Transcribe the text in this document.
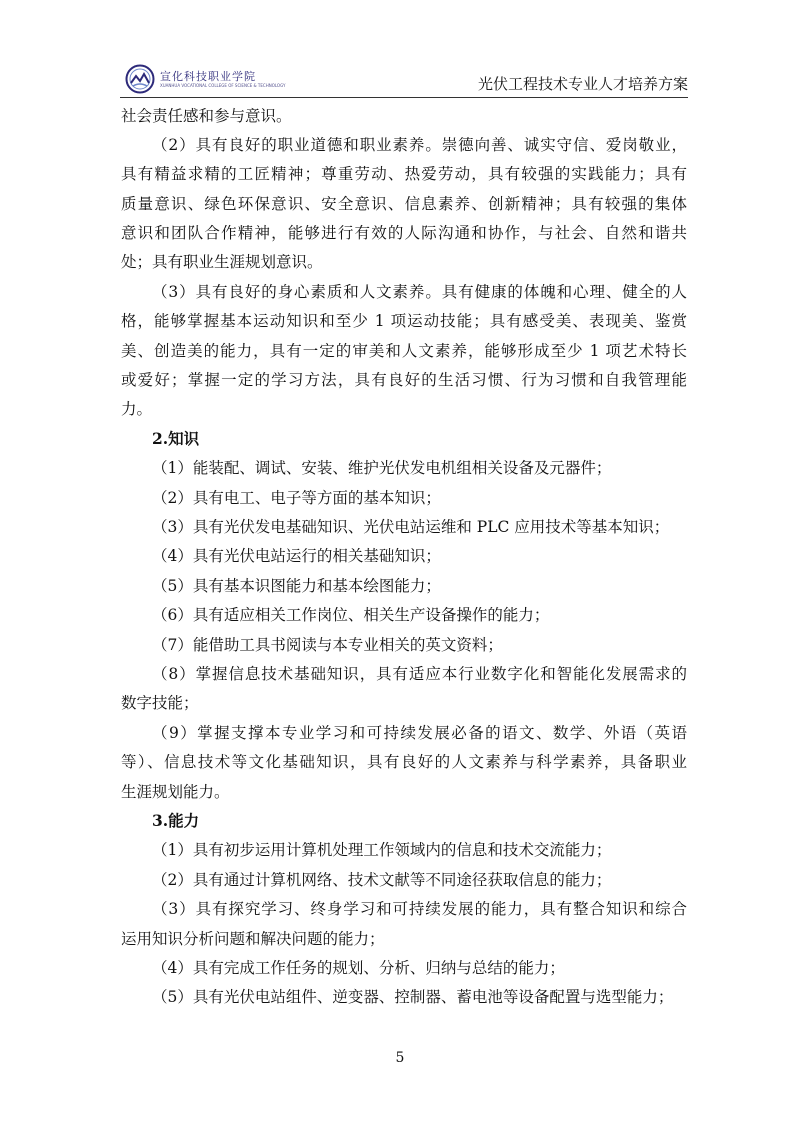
宣化科技职业学院
XUANHUA VOCATIONAL COLLEGE OF SCIENCE & TECHNOLOGY	光伏工程技术专业人才培养方案
社会责任感和参与意识。
（2）具有良好的职业道德和职业素养。崇德向善、诚实守信、爱岗敬业，
具有精益求精的工匠精神；尊重劳动、热爱劳动，具有较强的实践能力；具有
质量意识、绿色环保意识、安全意识、信息素养、创新精神；具有较强的集体
意识和团队合作精神，能够进行有效的人际沟通和协作，与社会、自然和谐共
处；具有职业生涯规划意识。
（3）具有良好的身心素质和人文素养。具有健康的体魄和心理、健全的人
格，能够掌握基本运动知识和至少 1 项运动技能；具有感受美、表现美、鉴赏
美、创造美的能力，具有一定的审美和人文素养，能够形成至少 1 项艺术特长
或爱好；掌握一定的学习方法，具有良好的生活习惯、行为习惯和自我管理能
力。
2.知识
（1）能装配、调试、安装、维护光伏发电机组相关设备及元器件；
（2）具有电工、电子等方面的基本知识；
（3）具有光伏发电基础知识、光伏电站运维和 PLC 应用技术等基本知识；
（4）具有光伏电站运行的相关基础知识；
（5）具有基本识图能力和基本绘图能力；
（6）具有适应相关工作岗位、相关生产设备操作的能力；
（7）能借助工具书阅读与本专业相关的英文资料；
（8）掌握信息技术基础知识，具有适应本行业数字化和智能化发展需求的
数字技能；
（9）掌握支撑本专业学习和可持续发展必备的语文、数学、外语（英语
等）、信息技术等文化基础知识，具有良好的人文素养与科学素养，具备职业
生涯规划能力。
3.能力
（1）具有初步运用计算机处理工作领域内的信息和技术交流能力；
（2）具有通过计算机网络、技术文献等不同途径获取信息的能力；
（3）具有探究学习、终身学习和可持续发展的能力，具有整合知识和综合
运用知识分析问题和解决问题的能力；
（4）具有完成工作任务的规划、分析、归纳与总结的能力；
（5）具有光伏电站组件、逆变器、控制器、蓄电池等设备配置与选型能力；
5
